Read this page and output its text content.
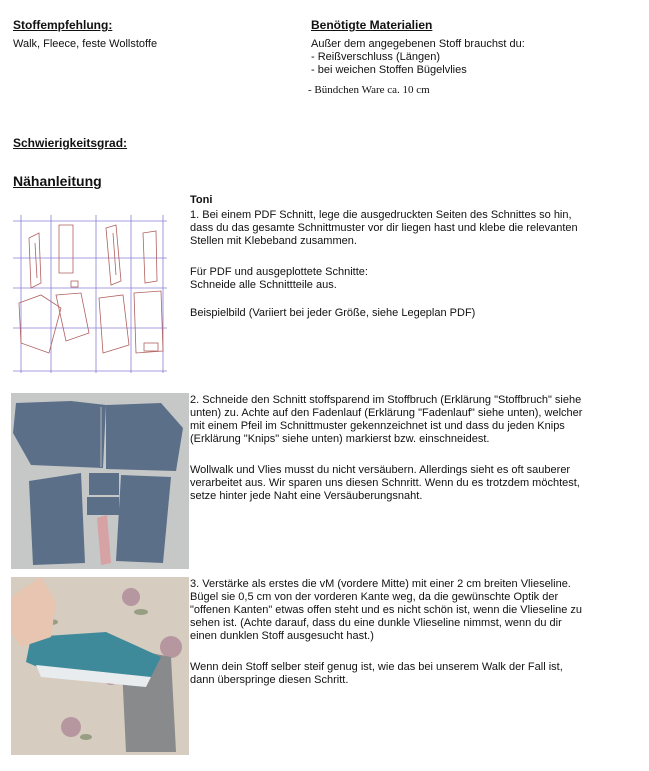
Stoffempfehlung:
Walk, Fleece, feste Wollstoffe
Benötigte Materialien
Außer dem angegebenen Stoff brauchst du:
- Reißverschluss (Längen)
- bei weichen Stoffen Bügelvlies
- Bündchen Ware ca. 10 cm
Schwierigkeitsgrad:
Nähanleitung
Toni
1. Bei einem PDF Schnitt, lege die ausgedruckten Seiten des Schnittes so hin,
dass du das gesamte Schnittmuster vor dir liegen hast und klebe die relevanten
Stellen mit Klebeband zusammen.
Für PDF und ausgeplottete Schnitte:
Schneide alle Schnittteile aus.
Beispielbild (Variiert bei jeder Größe, siehe Legeplan PDF)
2. Schneide den Schnitt stoffsparend im Stoffbruch (Erklärung "Stoffbruch" siehe
unten) zu. Achte auf den Fadenlauf (Erklärung "Fadenlauf" siehe unten), welcher
mit einem Pfeil im Schnittmuster gekennzeichnet ist und dass du jeden Knips
(Erklärung "Knips" siehe unten) markierst bzw. einschneidest.
Wollwalk und Vlies musst du nicht versäubern. Allerdings sieht es oft sauberer
verarbeitet aus. Wir sparen uns diesen Schnritt. Wenn du es trotzdem möchtest,
setze hinter jede Naht eine Versäuberungsnaht.
3. Verstärke als erstes die vM (vordere Mitte) mit einer 2 cm breiten Vlieseline.
Bügel sie 0,5 cm von der vorderen Kante weg, da die gewünschte Optik der
"offenen Kanten" etwas offen steht und es nicht schön ist, wenn die Vlieseline zu
sehen ist. (Achte darauf, dass du eine dunkle Vlieseline nimmst, wenn du dir
einen dunklen Stoff ausgesucht hast.)
Wenn dein Stoff selber steif genug ist, wie das bei unserem Walk der Fall ist,
dann überspringe diesen Schritt.
